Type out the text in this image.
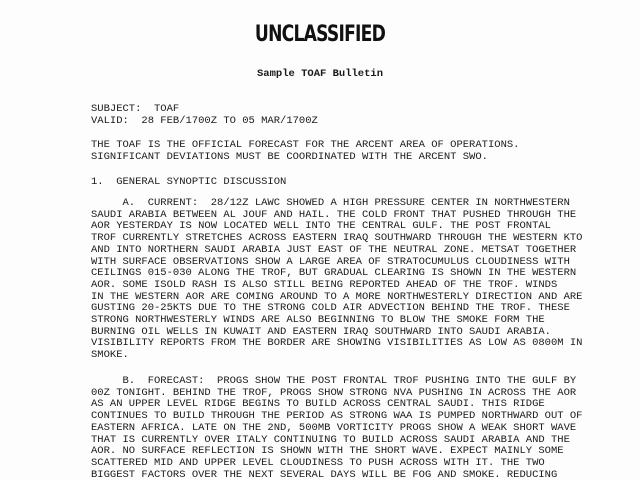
UNCLASSIFIED
Sample TOAF Bulletin
SUBJECT:  TOAF
VALID:  28 FEB/1700Z TO 05 MAR/1700Z

THE TOAF IS THE OFFICIAL FORECAST FOR THE ARCENT AREA OF OPERATIONS.

SIGNIFICANT DEVIATIONS MUST BE COORDINATED WITH THE ARCENT SWO.

1.  GENERAL SYNOPTIC DISCUSSION

A.  CURRENT:  28/12Z LAWC SHOWED A HIGH PRESSURE CENTER IN NORTHWESTERN

SAUDI ARABIA BETWEEN AL JOUF AND HAIL. THE COLD FRONT THAT PUSHED THROUGH THE

AOR YESTERDAY IS NOW LOCATED WELL INTO THE CENTRAL GULF. THE POST FRONTAL

TROF CURRENTLY STRETCHES ACROSS EASTERN IRAQ SOUTHWARD THROUGH THE WESTERN KTO

AND INTO NORTHERN SAUDI ARABIA JUST EAST OF THE NEUTRAL ZONE. METSAT TOGETHER

WITH SURFACE OBSERVATIONS SHOW A LARGE AREA OF STRATOCUMULUS CLOUDINESS WITH

CEILINGS 015-030 ALONG THE TROF, BUT GRADUAL CLEARING IS SHOWN IN THE WESTERN

AOR. SOME ISOLD RASH IS ALSO STILL BEING REPORTED AHEAD OF THE TROF. WINDS

IN THE WESTERN AOR ARE COMING AROUND TO A MORE NORTHWESTERLY DIRECTION AND ARE

GUSTING 20-25KTS DUE TO THE STRONG COLD AIR ADVECTION BEHIND THE TROF. THESE

STRONG NORTHWESTERLY WINDS ARE ALSO BEGINNING TO BLOW THE SMOKE FORM THE

BURNING OIL WELLS IN KUWAIT AND EASTERN IRAQ SOUTHWARD INTO SAUDI ARABIA.

VISIBILITY REPORTS FROM THE BORDER ARE SHOWING VISIBILITIES AS LOW AS 0800M IN

SMOKE.

B.  FORECAST:  PROGS SHOW THE POST FRONTAL TROF PUSHING INTO THE GULF BY

00Z TONIGHT. BEHIND THE TROF, PROGS SHOW STRONG NVA PUSHING IN ACROSS THE AOR

AS AN UPPER LEVEL RIDGE BEGINS TO BUILD ACROSS CENTRAL SAUDI. THIS RIDGE

CONTINUES TO BUILD THROUGH THE PERIOD AS STRONG WAA IS PUMPED NORTHWARD OUT OF

EASTERN AFRICA. LATE ON THE 2ND, 500MB VORTICITY PROGS SHOW A WEAK SHORT WAVE

THAT IS CURRENTLY OVER ITALY CONTINUING TO BUILD ACROSS SAUDI ARABIA AND THE

AOR. NO SURFACE REFLECTION IS SHOWN WITH THE SHORT WAVE. EXPECT MAINLY SOME

SCATTERED MID AND UPPER LEVEL CLOUDINESS TO PUSH ACROSS WITH IT. THE TWO

BIGGEST FACTORS OVER THE NEXT SEVERAL DAYS WILL BE FOG AND SMOKE. REDUCING
